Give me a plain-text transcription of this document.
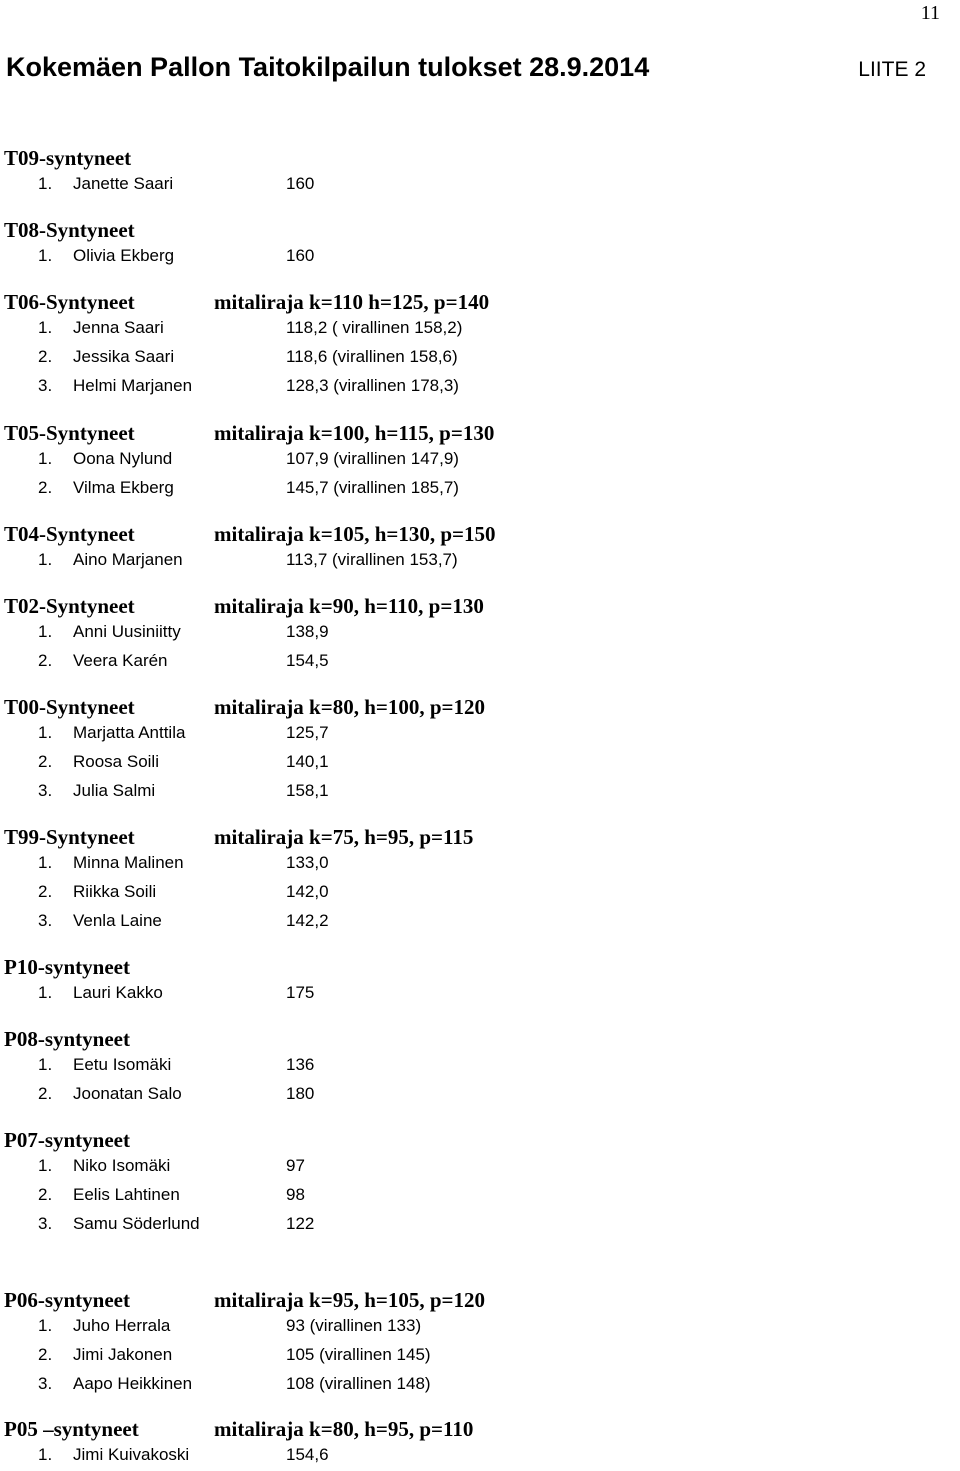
11
Kokemäen Pallon Taitokilpailun tulokset 28.9.2014	LIITE 2
T09-syntyneet
1. Janette Saari	160
T08-Syntyneet
1. Olivia Ekberg	160
T06-Syntyneet	mitaliraja k=110 h=125, p=140
1. Jenna Saari	118,2 ( virallinen 158,2)
2. Jessika Saari	118,6 (virallinen 158,6)
3. Helmi Marjanen	128,3 (virallinen 178,3)
T05-Syntyneet	mitaliraja k=100, h=115, p=130
1. Oona Nylund	107,9 (virallinen 147,9)
2. Vilma Ekberg	145,7 (virallinen 185,7)
T04-Syntyneet	mitaliraja k=105, h=130, p=150
1. Aino Marjanen	113,7 (virallinen 153,7)
T02-Syntyneet	mitaliraja k=90, h=110, p=130
1. Anni Uusiniitty	138,9
2. Veera Karén	154,5
T00-Syntyneet	mitaliraja k=80, h=100, p=120
1. Marjatta Anttila	125,7
2. Roosa Soili	140,1
3. Julia Salmi	158,1
T99-Syntyneet	mitaliraja k=75, h=95, p=115
1. Minna Malinen	133,0
2. Riikka Soili	142,0
3. Venla Laine	142,2
P10-syntyneet
1. Lauri Kakko	175
P08-syntyneet
1. Eetu Isomäki	136
2. Joonatan Salo	180
P07-syntyneet
1. Niko Isomäki	97
2. Eelis Lahtinen	98
3. Samu Söderlund	122
P06-syntyneet	mitaliraja k=95, h=105, p=120
1. Juho Herrala	93 (virallinen 133)
2. Jimi Jakonen	105 (virallinen 145)
3. Aapo Heikkinen	108 (virallinen 148)
P05 –syntyneet	mitaliraja k=80, h=95, p=110
1. Jimi Kuivakoski	154,6
